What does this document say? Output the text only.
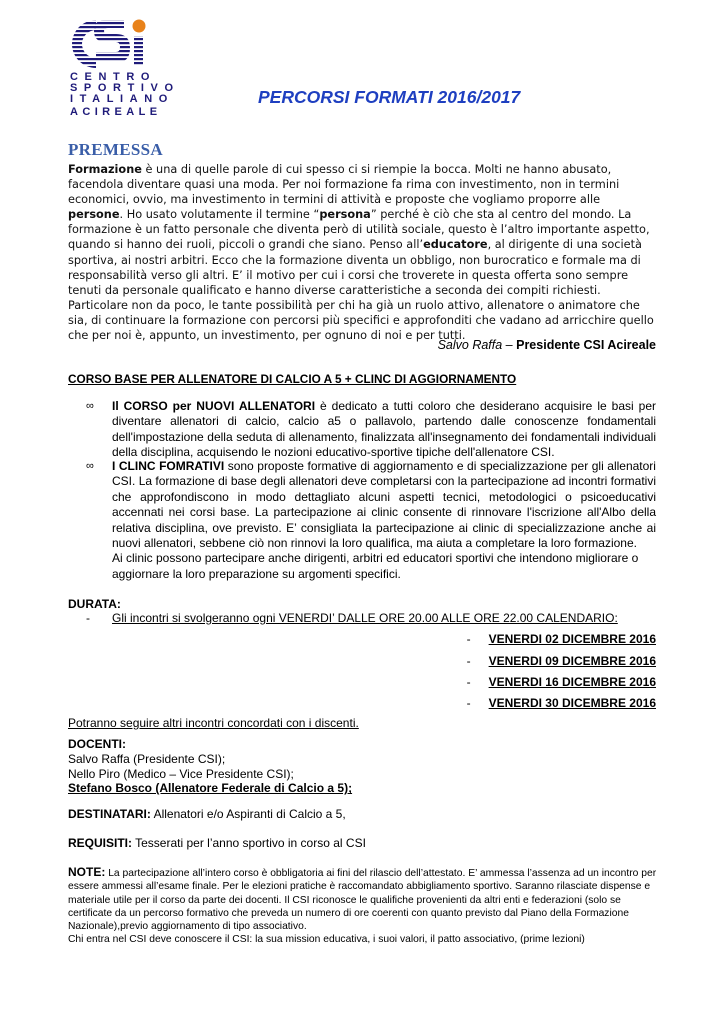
CENTRO
SPORTIVO
ITALIANO
ACIREALE
PERCORSI FORMATI 2016/2017
PREMESSA

Formazione è una di quelle parole di cui spesso ci si riempie la bocca. Molti ne hanno abusato, facendola diventare quasi una moda. Per noi formazione fa rima con investimento, non in termini economici, ovvio, ma investimento in termini di attività e proposte che vogliamo proporre alle persone. Ho usato volutamente il termine “persona” perché è ciò che sta al centro del mondo. La formazione è un fatto personale che diventa però di utilità sociale, questo è l’altro importante aspetto, quando si hanno dei ruoli, piccoli o grandi che siano. Penso all’educatore, al dirigente di una società sportiva, ai nostri arbitri. Ecco che la formazione diventa un obbligo, non burocratico e formale ma di responsabilità verso gli altri. E’ il motivo per cui i corsi che troverete in questa offerta sono sempre tenuti da personale qualificato e hanno diverse caratteristiche a seconda dei compiti richiesti. Particolare non da poco, le tante possibilità per chi ha già un ruolo attivo, allenatore o animatore che sia, di continuare la formazione con percorsi più specifici e approfonditi che vadano ad arricchire quello che per noi è, appunto, un investimento, per ognuno di noi e per tutti.

Salvo Raffa – Presidente CSI Acireale
CORSO BASE PER ALLENATORE DI CALCIO A 5 + CLINC DI AGGIORNAMENTO
∞ Il CORSO per NUOVI ALLENATORI è dedicato a tutti coloro che desiderano acquisire le basi per diventare allenatori di calcio, calcio a5 o pallavolo, partendo dalle conoscenze fondamentali dell'impostazione della seduta di allenamento, finalizzata all'insegnamento dei fondamentali individuali della disciplina, acquisendo le nozioni educativo-sportive tipiche dell'allenatore CSI.
∞ I CLINC FOMRATIVI sono proposte formative di aggiornamento e di specializzazione per gli allenatori CSI. La formazione di base degli allenatori deve completarsi con la partecipazione ad incontri formativi che approfondiscono in modo dettagliato alcuni aspetti tecnici, metodologici o psicoeducativi accennati nei corsi base. La partecipazione ai clinic consente di rinnovare l'iscrizione all'Albo della relativa disciplina, ove previsto. E’ consigliata la partecipazione ai clinic di specializzazione anche ai nuovi allenatori, sebbene ciò non rinnovi la loro qualifica, ma aiuta a completare la loro formazione.
Ai clinic possono partecipare anche dirigenti, arbitri ed educatori sportivi che intendono migliorare o aggiornare la loro preparazione su argomenti specifici.
DURATA:
- Gli incontri si svolgeranno ogni VENERDI’ DALLE ORE 20.00 ALLE ORE 22.00 CALENDARIO:
- VENERDI 02 DICEMBRE 2016
- VENERDI 09 DICEMBRE 2016
- VENERDI 16 DICEMBRE 2016
- VENERDI 30 DICEMBRE 2016
Potranno seguire altri incontri concordati con i discenti.
DOCENTI:
Salvo Raffa (Presidente CSI);
Nello Piro (Medico – Vice Presidente CSI);
Stefano Bosco (Allenatore Federale di Calcio a 5);
DESTINATARI: Allenatori e/o Aspiranti di Calcio a 5,
REQUISITI: Tesserati per l’anno sportivo in corso al CSI
NOTE: La partecipazione all’intero corso è obbligatoria ai fini del rilascio dell’attestato. E’ ammessa l’assenza ad un incontro per essere ammessi all’esame finale. Per le elezioni pratiche è raccomandato abbigliamento sportivo. Saranno rilasciate dispense e materiale utile per il corso da parte dei docenti. Il CSI riconosce le qualifiche provenienti da altri enti e federazioni (solo se certificate da un percorso formativo che preveda un numero di ore coerenti con quanto previsto dal Piano della Formazione Nazionale),previo aggiornamento di tipo associativo.
Chi entra nel CSI deve conoscere il CSI: la sua mission educativa, i suoi valori, il patto associativo, (prime lezioni)
